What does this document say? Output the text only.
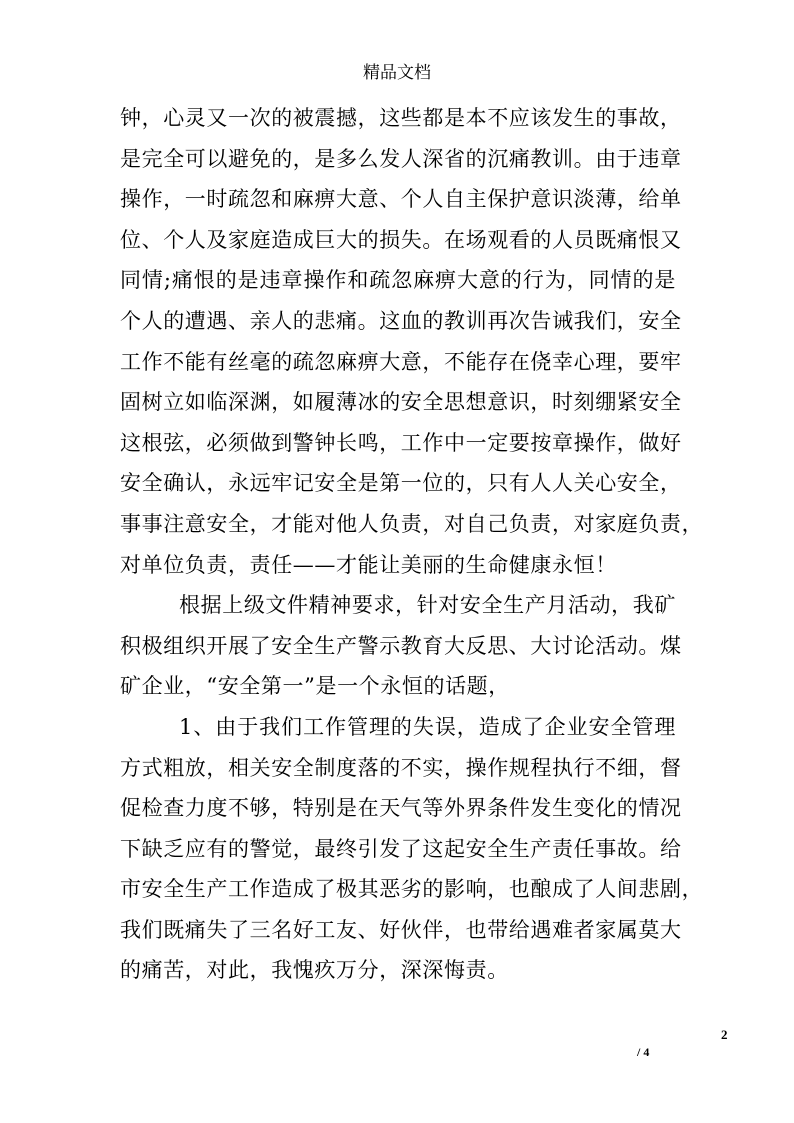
精品文档
钟，心灵又一次的被震撼，这些都是本不应该发生的事故，
是完全可以避免的，是多么发人深省的沉痛教训。由于违章
操作，一时疏忽和麻痹大意、个人自主保护意识淡薄，给单
位、个人及家庭造成巨大的损失。在场观看的人员既痛恨又
同情;痛恨的是违章操作和疏忽麻痹大意的行为，同情的是
个人的遭遇、亲人的悲痛。这血的教训再次告诫我们，安全
工作不能有丝毫的疏忽麻痹大意，不能存在侥幸心理，要牢
固树立如临深渊，如履薄冰的安全思想意识，时刻绷紧安全
这根弦，必须做到警钟长鸣，工作中一定要按章操作，做好
安全确认，永远牢记安全是第一位的，只有人人关心安全，
事事注意安全，才能对他人负责，对自己负责，对家庭负责，
对单位负责，责任——才能让美丽的生命健康永恒！
根据上级文件精神要求，针对安全生产月活动，我矿
积极组织开展了安全生产警示教育大反思、大讨论活动。煤
矿企业，“安全第一”是一个永恒的话题，
1、由于我们工作管理的失误，造成了企业安全管理
方式粗放，相关安全制度落的不实，操作规程执行不细，督
促检查力度不够，特别是在天气等外界条件发生变化的情况
下缺乏应有的警觉，最终引发了这起安全生产责任事故。给
市安全生产工作造成了极其恶劣的影响，也酿成了人间悲剧，
我们既痛失了三名好工友、好伙伴，也带给遇难者家属莫大
的痛苦，对此，我愧疚万分，深深悔责。
2
/ 4
